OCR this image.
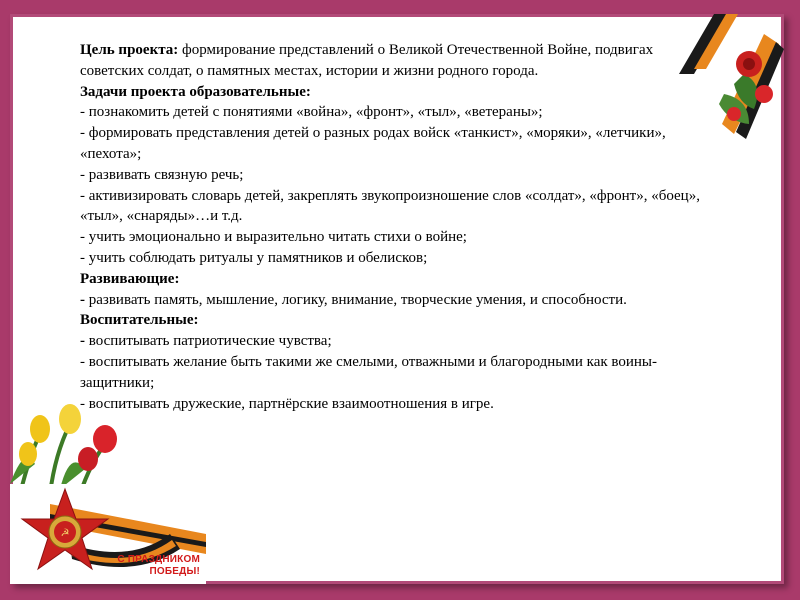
Цель проекта: формирование представлений о Великой Отечественной Войне, подвигах советских солдат, о памятных местах, истории и жизни родного города.

Задачи проекта образовательные:

- познакомить детей с понятиями «война», «фронт», «тыл», «ветераны»;

- формировать представления детей о разных родах войск «танкист», «моряки», «летчики», «пехота»;

- развивать связную речь;

- активизировать словарь детей, закреплять звукопроизношение слов «солдат», «фронт», «боец», «тыл», «снаряды»…и т.д.

- учить эмоционально и выразительно читать стихи о войне;

- учить соблюдать ритуалы у памятников и обелисков;

Развивающие:

- развивать память, мышление, логику, внимание, творческие умения, и способности.

Воспитательные:

- воспитывать патриотические чувства;

- воспитывать желание быть такими же смелыми, отважными и благородными как воины-защитники;

- воспитывать дружеские, партнёрские взаимоотношения в игре.

☭
С ПРАЗДНИКОМ
ПОБЕДЫ!
